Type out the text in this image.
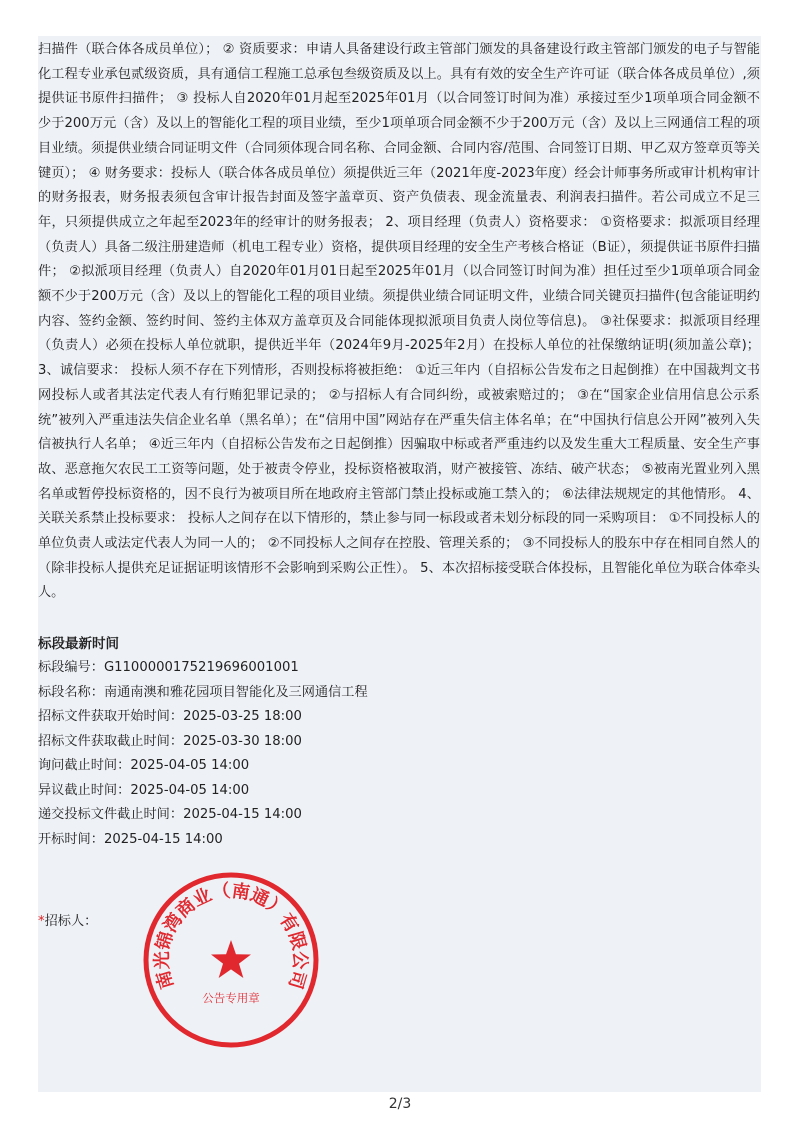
扫描件（联合体各成员单位）； ② 资质要求：申请人具备建设行政主管部门颁发的具备建设行政主管部门颁发的电子与智能化工程专业承包贰级资质，具有通信工程施工总承包叁级资质及以上。具有有效的安全生产许可证（联合体各成员单位）,须提供证书原件扫描件； ③ 投标人自2020年01月起至2025年01月（以合同签订时间为准）承接过至少1项单项合同金额不少于200万元（含）及以上的智能化工程的项目业绩，至少1项单项合同金额不少于200万元（含）及以上三网通信工程的项目业绩。须提供业绩合同证明文件（合同须体现合同名称、合同金额、合同内容/范围、合同签订日期、甲乙双方签章页等关键页）； ④ 财务要求：投标人（联合体各成员单位）须提供近三年（2021年度-2023年度）经会计师事务所或审计机构审计的财务报表，财务报表须包含审计报告封面及签字盖章页、资产负债表、现金流量表、利润表扫描件。若公司成立不足三年，只须提供成立之年起至2023年的经审计的财务报表； 2、项目经理（负责人）资格要求： ①资格要求：拟派项目经理（负责人）具备二级注册建造师（机电工程专业）资格，提供项目经理的安全生产考核合格证（B证），须提供证书原件扫描件； ②拟派项目经理（负责人）自2020年01月01日起至2025年01月（以合同签订时间为准）担任过至少1项单项合同金额不少于200万元（含）及以上的智能化工程的项目业绩。须提供业绩合同证明文件，业绩合同关键页扫描件(包含能证明约内容、签约金额、签约时间、签约主体双方盖章页及合同能体现拟派项目负责人岗位等信息)。 ③社保要求：拟派项目经理（负责人）必须在投标人单位就职，提供近半年（2024年9月-2025年2月）在投标人单位的社保缴纳证明(须加盖公章)； 3、诚信要求： 投标人须不存在下列情形，否则投标将被拒绝： ①近三年内（自招标公告发布之日起倒推）在中国裁判文书网投标人或者其法定代表人有行贿犯罪记录的； ②与招标人有合同纠纷，或被索赔过的； ③在“国家企业信用信息公示系统”被列入严重违法失信企业名单（黑名单）；在“信用中国”网站存在严重失信主体名单；在“中国执行信息公开网”被列入失信被执行人名单； ④近三年内（自招标公告发布之日起倒推）因骗取中标或者严重违约以及发生重大工程质量、安全生产事故、恶意拖欠农民工工资等问题，处于被责令停业，投标资格被取消，财产被接管、冻结、破产状态； ⑤被南光置业列入黑名单或暂停投标资格的，因不良行为被项目所在地政府主管部门禁止投标或施工禁入的； ⑥法律法规规定的其他情形。 4、关联关系禁止投标要求： 投标人之间存在以下情形的，禁止参与同一标段或者未划分标段的同一采购项目： ①不同投标人的单位负责人或法定代表人为同一人的； ②不同投标人之间存在控股、管理关系的； ③不同投标人的股东中存在相同自然人的（除非投标人提供充足证据证明该情形不会影响到采购公正性）。 5、本次招标接受联合体投标，且智能化单位为联合体牵头人。
标段最新时间
标段编号：G1100000175219696001001
标段名称：南通南澳和雅花园项目智能化及三网通信工程
招标文件获取开始时间：2025-03-25 18:00
招标文件获取截止时间：2025-03-30 18:00
询问截止时间：2025-04-05 14:00
异议截止时间：2025-04-05 14:00
递交投标文件截止时间：2025-04-15 14:00
开标时间：2025-04-15 14:00
*招标人：
南光锦湾商业（南通）有限公司
公告专用章
2/3
